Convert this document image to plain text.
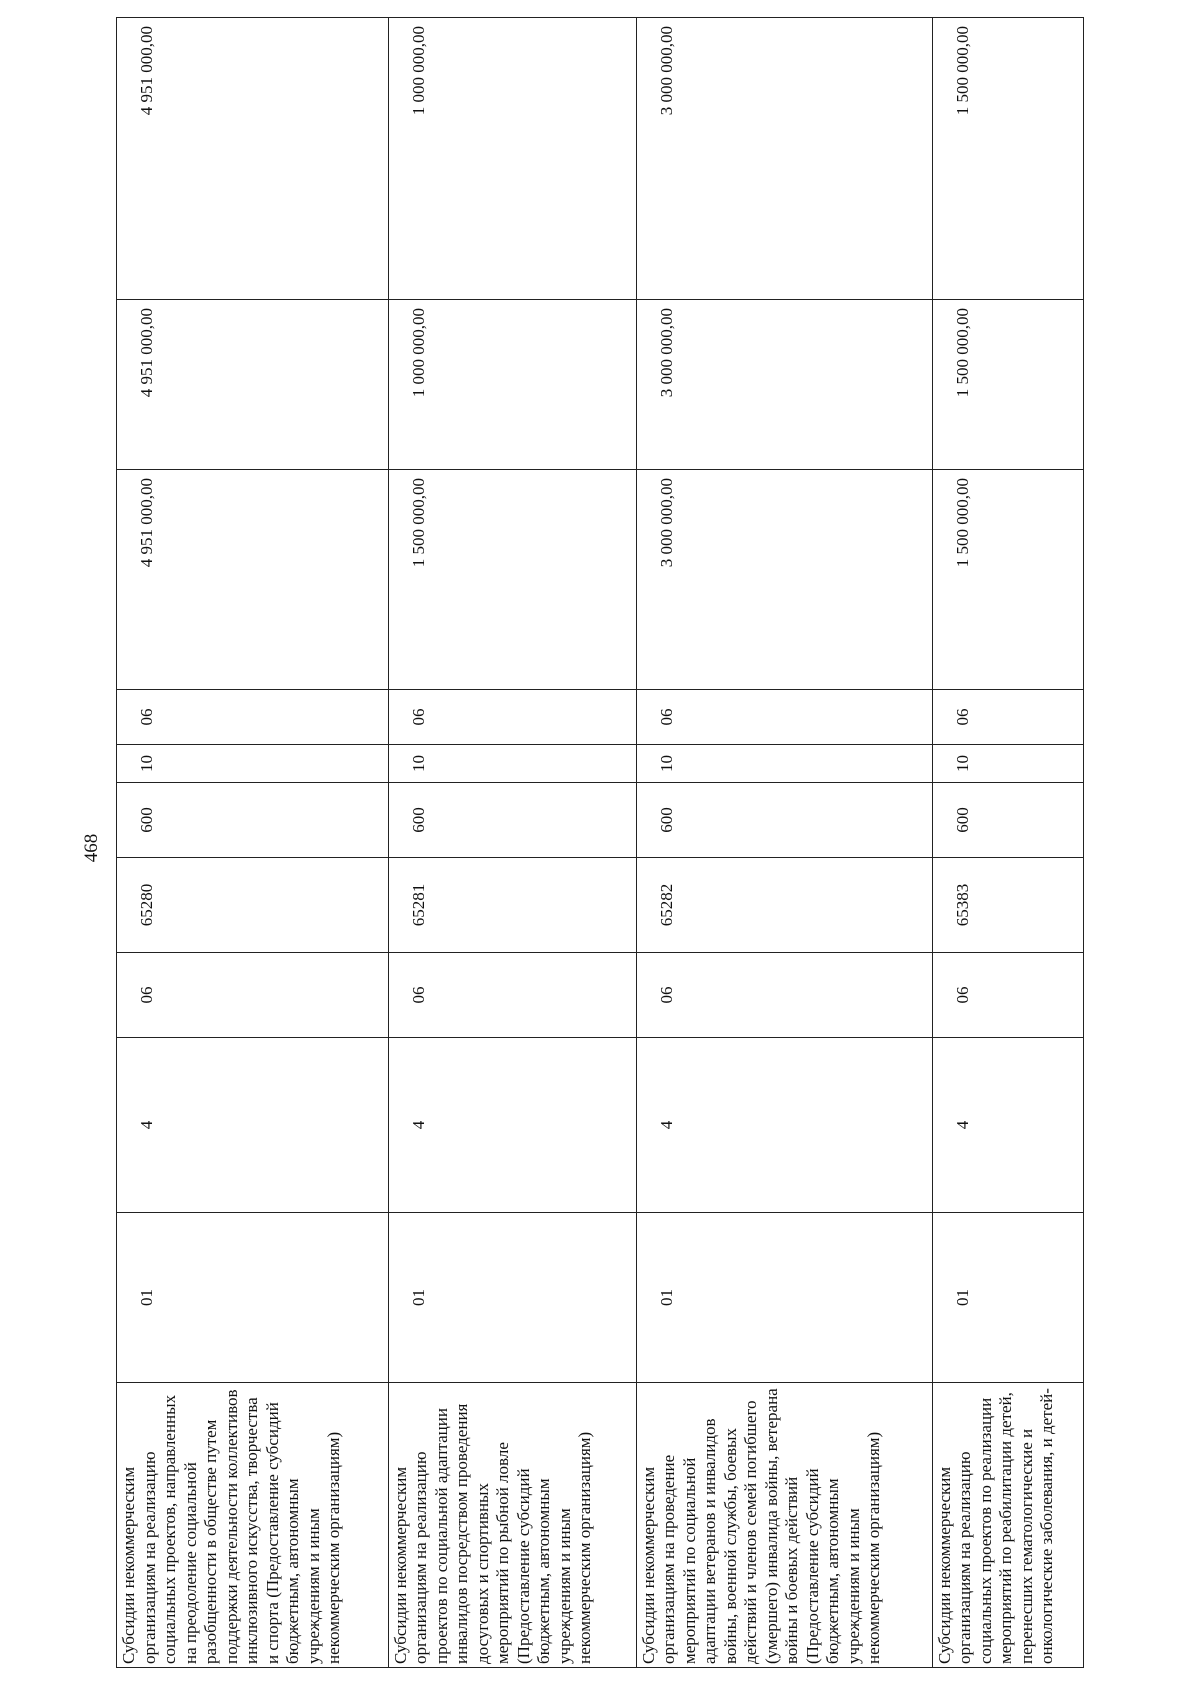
468
Субсидии некоммерческим организациям на реализацию социальных проектов, направленных на преодоление социальной разобщенности в обществе путем поддержки деятельности коллективов инклюзивного искусства, творчества и спорта (Предоставление субсидий бюджетным, автономным учреждениям и иным некоммерческим организациям)	01	4	06	65280	600	10	06	4 951 000,00	4 951 000,00	4 951 000,00
Субсидии некоммерческим организациям на реализацию проектов по социальной адаптации инвалидов посредством проведения досуговых и спортивных мероприятий по рыбной ловле (Предоставление субсидий бюджетным, автономным учреждениям и иным некоммерческим организациям)	01	4	06	65281	600	10	06	1 500 000,00	1 000 000,00	1 000 000,00
Субсидии некоммерческим организациям на проведение мероприятий по социальной адаптации ветеранов и инвалидов войны, военной службы, боевых действий и членов семей погибшего (умершего) инвалида войны, ветерана войны и боевых действий (Предоставление субсидий бюджетным, автономным учреждениям и иным некоммерческим организациям)	01	4	06	65282	600	10	06	3 000 000,00	3 000 000,00	3 000 000,00
Субсидии некоммерческим организациям на реализацию социальных проектов по реализации мероприятий по реабилитации детей, перенесших гематологические и онкологические заболевания, и детей-	01	4	06	65383	600	10	06	1 500 000,00	1 500 000,00	1 500 000,00
